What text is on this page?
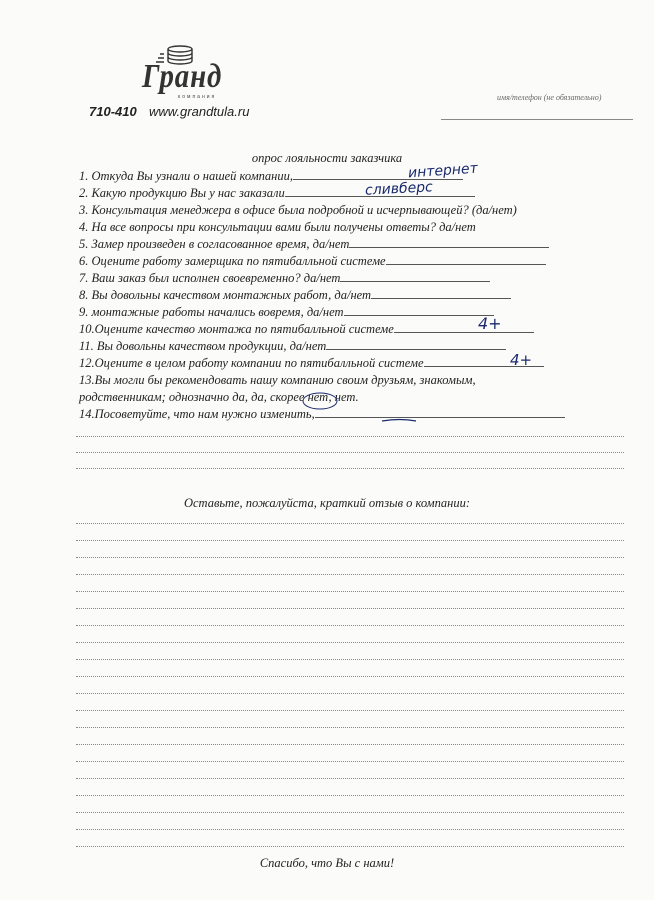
Гранд
компания
710-410 www.grandtula.ru
имя/телефон (не обязательно)
опрос лояльности заказчика
1. Откуда Вы узнали о нашей компании,	интернет
2. Какую продукцию Вы у нас заказали	сливберс
3. Консультация менеджера в офисе была подробной и исчерпывающей? (да/нет)
4. На все вопросы при консультации вами были получены ответы? да/нет
5. Замер произведен в согласованное время, да/нет
6. Оцените работу замерщика по пятибалльной системе
7. Ваш заказ был исполнен своевременно? да/нет
8. Вы довольны качеством монтажных работ, да/нет
9. монтажные работы начались вовремя, да/нет
10.Оцените качество монтажа по пятибалльной системе	4+
11. Вы довольны качеством продукции, да/нет
12.Оцените в целом работу компании по пятибалльной системе	4+
13.Вы могли бы рекомендовать нашу компанию своим друзьям, знакомым,
родственникам; однозначно да, да, скорее нет, нет.
14.Посоветуйте, что нам нужно изменить,
Оставьте, пожалуйста, краткий отзыв о компании:
Спасибо, что Вы с нами!
